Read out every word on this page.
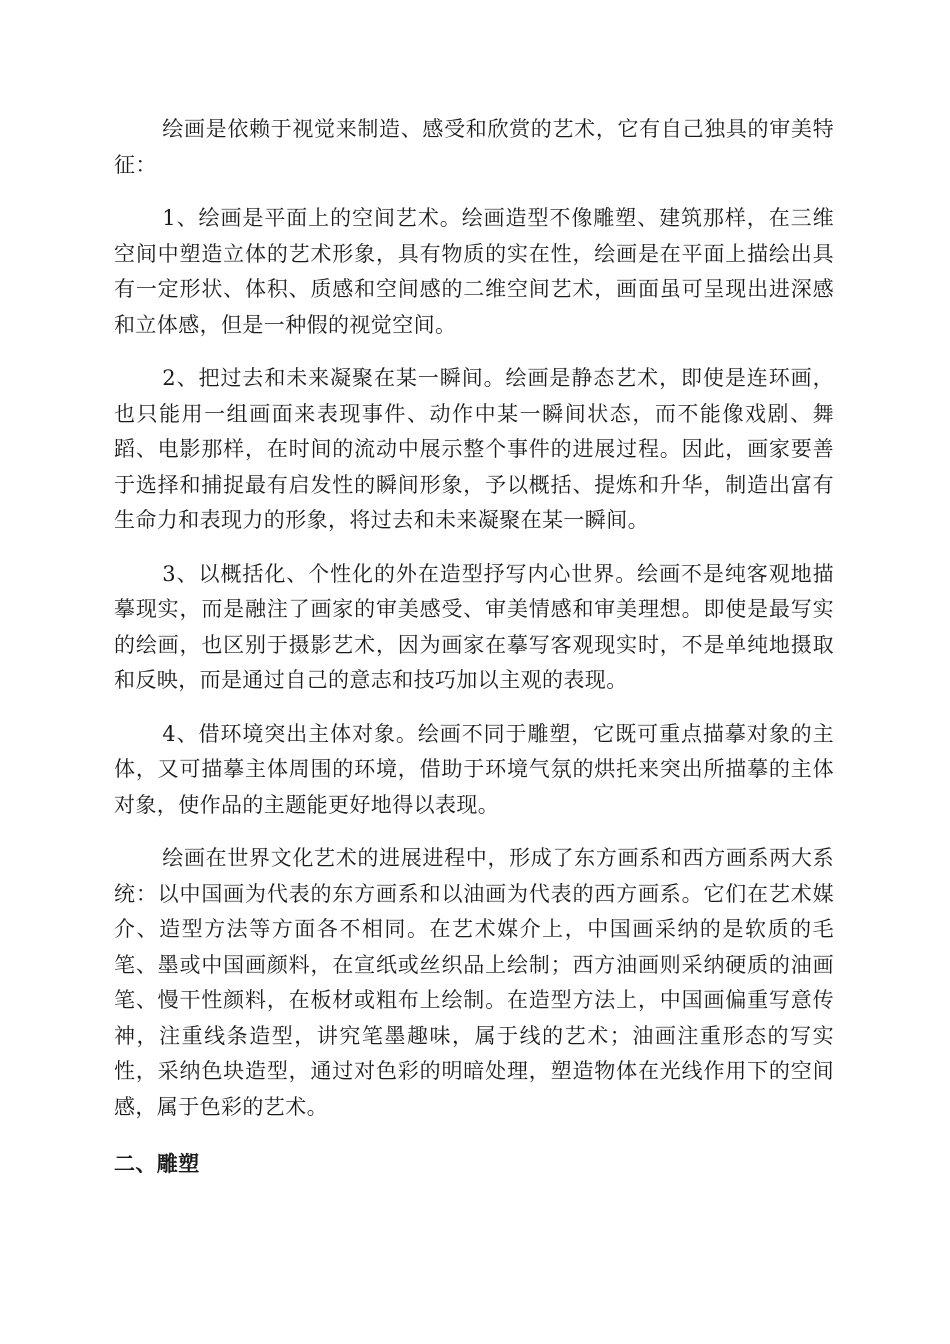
绘画是依赖于视觉来制造、感受和欣赏的艺术，它有自己独具的审美特征：

1、绘画是平面上的空间艺术。绘画造型不像雕塑、建筑那样，在三维空间中塑造立体的艺术形象，具有物质的实在性，绘画是在平面上描绘出具有一定形状、体积、质感和空间感的二维空间艺术，画面虽可呈现出进深感和立体感，但是一种假的视觉空间。

2、把过去和未来凝聚在某一瞬间。绘画是静态艺术，即使是连环画，也只能用一组画面来表现事件、动作中某一瞬间状态，而不能像戏剧、舞蹈、电影那样，在时间的流动中展示整个事件的进展过程。因此，画家要善于选择和捕捉最有启发性的瞬间形象，予以概括、提炼和升华，制造出富有生命力和表现力的形象，将过去和未来凝聚在某一瞬间。

3、以概括化、个性化的外在造型抒写内心世界。绘画不是纯客观地描摹现实，而是融注了画家的审美感受、审美情感和审美理想。即使是最写实的绘画，也区别于摄影艺术，因为画家在摹写客观现实时，不是单纯地摄取和反映，而是通过自己的意志和技巧加以主观的表现。

4、借环境突出主体对象。绘画不同于雕塑，它既可重点描摹对象的主体，又可描摹主体周围的环境，借助于环境气氛的烘托来突出所描摹的主体对象，使作品的主题能更好地得以表现。

绘画在世界文化艺术的进展进程中，形成了东方画系和西方画系两大系统：以中国画为代表的东方画系和以油画为代表的西方画系。它们在艺术媒介、造型方法等方面各不相同。在艺术媒介上，中国画采纳的是软质的毛笔、墨或中国画颜料，在宣纸或丝织品上绘制；西方油画则采纳硬质的油画笔、慢干性颜料，在板材或粗布上绘制。在造型方法上，中国画偏重写意传神，注重线条造型，讲究笔墨趣味，属于线的艺术；油画注重形态的写实性，采纳色块造型，通过对色彩的明暗处理，塑造物体在光线作用下的空间感，属于色彩的艺术。

二、雕塑
